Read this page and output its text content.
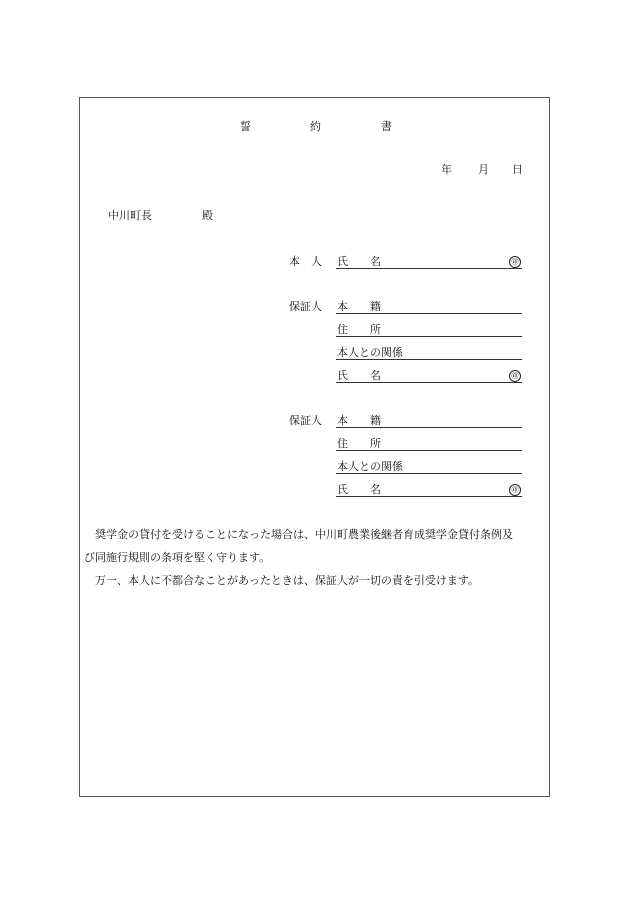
誓	約	書
年 月 日
中川町長	殿
本　人 氏　　名	㊞
保証人 本　　籍
住　　所
本人との関係
氏　　名	㊞
保証人 本　　籍
住　　所
本人との関係
氏　　名	㊞
　奨学金の貸付を受けることになった場合は、中川町農業後継者育成奨学金貸付条例及
び同施行規則の条項を堅く守ります。
　万一、本人に不都合なことがあったときは、保証人が一切の責を引受けます。
